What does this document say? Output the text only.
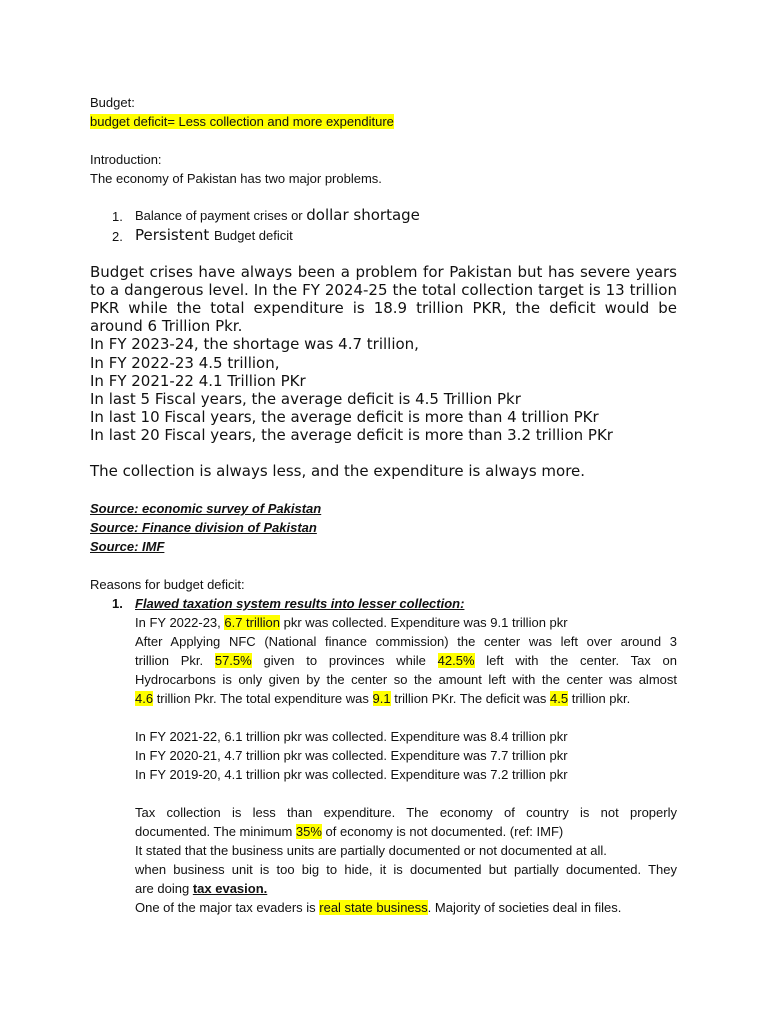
Budget:
budget deficit= Less collection and more expenditure
Introduction:
The economy of Pakistan has two major problems.
1. Balance of payment crises or dollar shortage
2. Persistent Budget deficit
Budget crises have always been a problem for Pakistan but has severe years
to a dangerous level. In the FY 2024-25 the total collection target is 13 trillion
PKR while the total expenditure is 18.9 trillion PKR, the deficit would be
around 6 Trillion Pkr.
In FY 2023-24, the shortage was 4.7 trillion,
In FY 2022-23 4.5 trillion,
In FY 2021-22 4.1 Trillion PKr
In last 5 Fiscal years, the average deficit is 4.5 Trillion Pkr
In last 10 Fiscal years, the average deficit is more than 4 trillion PKr
In last 20 Fiscal years, the average deficit is more than 3.2 trillion PKr
The collection is always less, and the expenditure is always more.
Source: economic survey of Pakistan
Source: Finance division of Pakistan
Source: IMF
Reasons for budget deficit:
1. Flawed taxation system results into lesser collection:
In FY 2022-23, 6.7 trillion pkr was collected. Expenditure was 9.1 trillion pkr
After Applying NFC (National finance commission) the center was left over around 3
trillion Pkr. 57.5% given to provinces while 42.5% left with the center. Tax on
Hydrocarbons is only given by the center so the amount left with the center was almost
4.6 trillion Pkr. The total expenditure was 9.1 trillion PKr. The deficit was 4.5 trillion pkr.
In FY 2021-22, 6.1 trillion pkr was collected. Expenditure was 8.4 trillion pkr
In FY 2020-21, 4.7 trillion pkr was collected. Expenditure was 7.7 trillion pkr
In FY 2019-20, 4.1 trillion pkr was collected. Expenditure was 7.2 trillion pkr
Tax collection is less than expenditure. The economy of country is not properly
documented. The minimum 35% of economy is not documented. (ref: IMF)
It stated that the business units are partially documented or not documented at all.
when business unit is too big to hide, it is documented but partially documented. They
are doing tax evasion.
One of the major tax evaders is real state business. Majority of societies deal in files.
